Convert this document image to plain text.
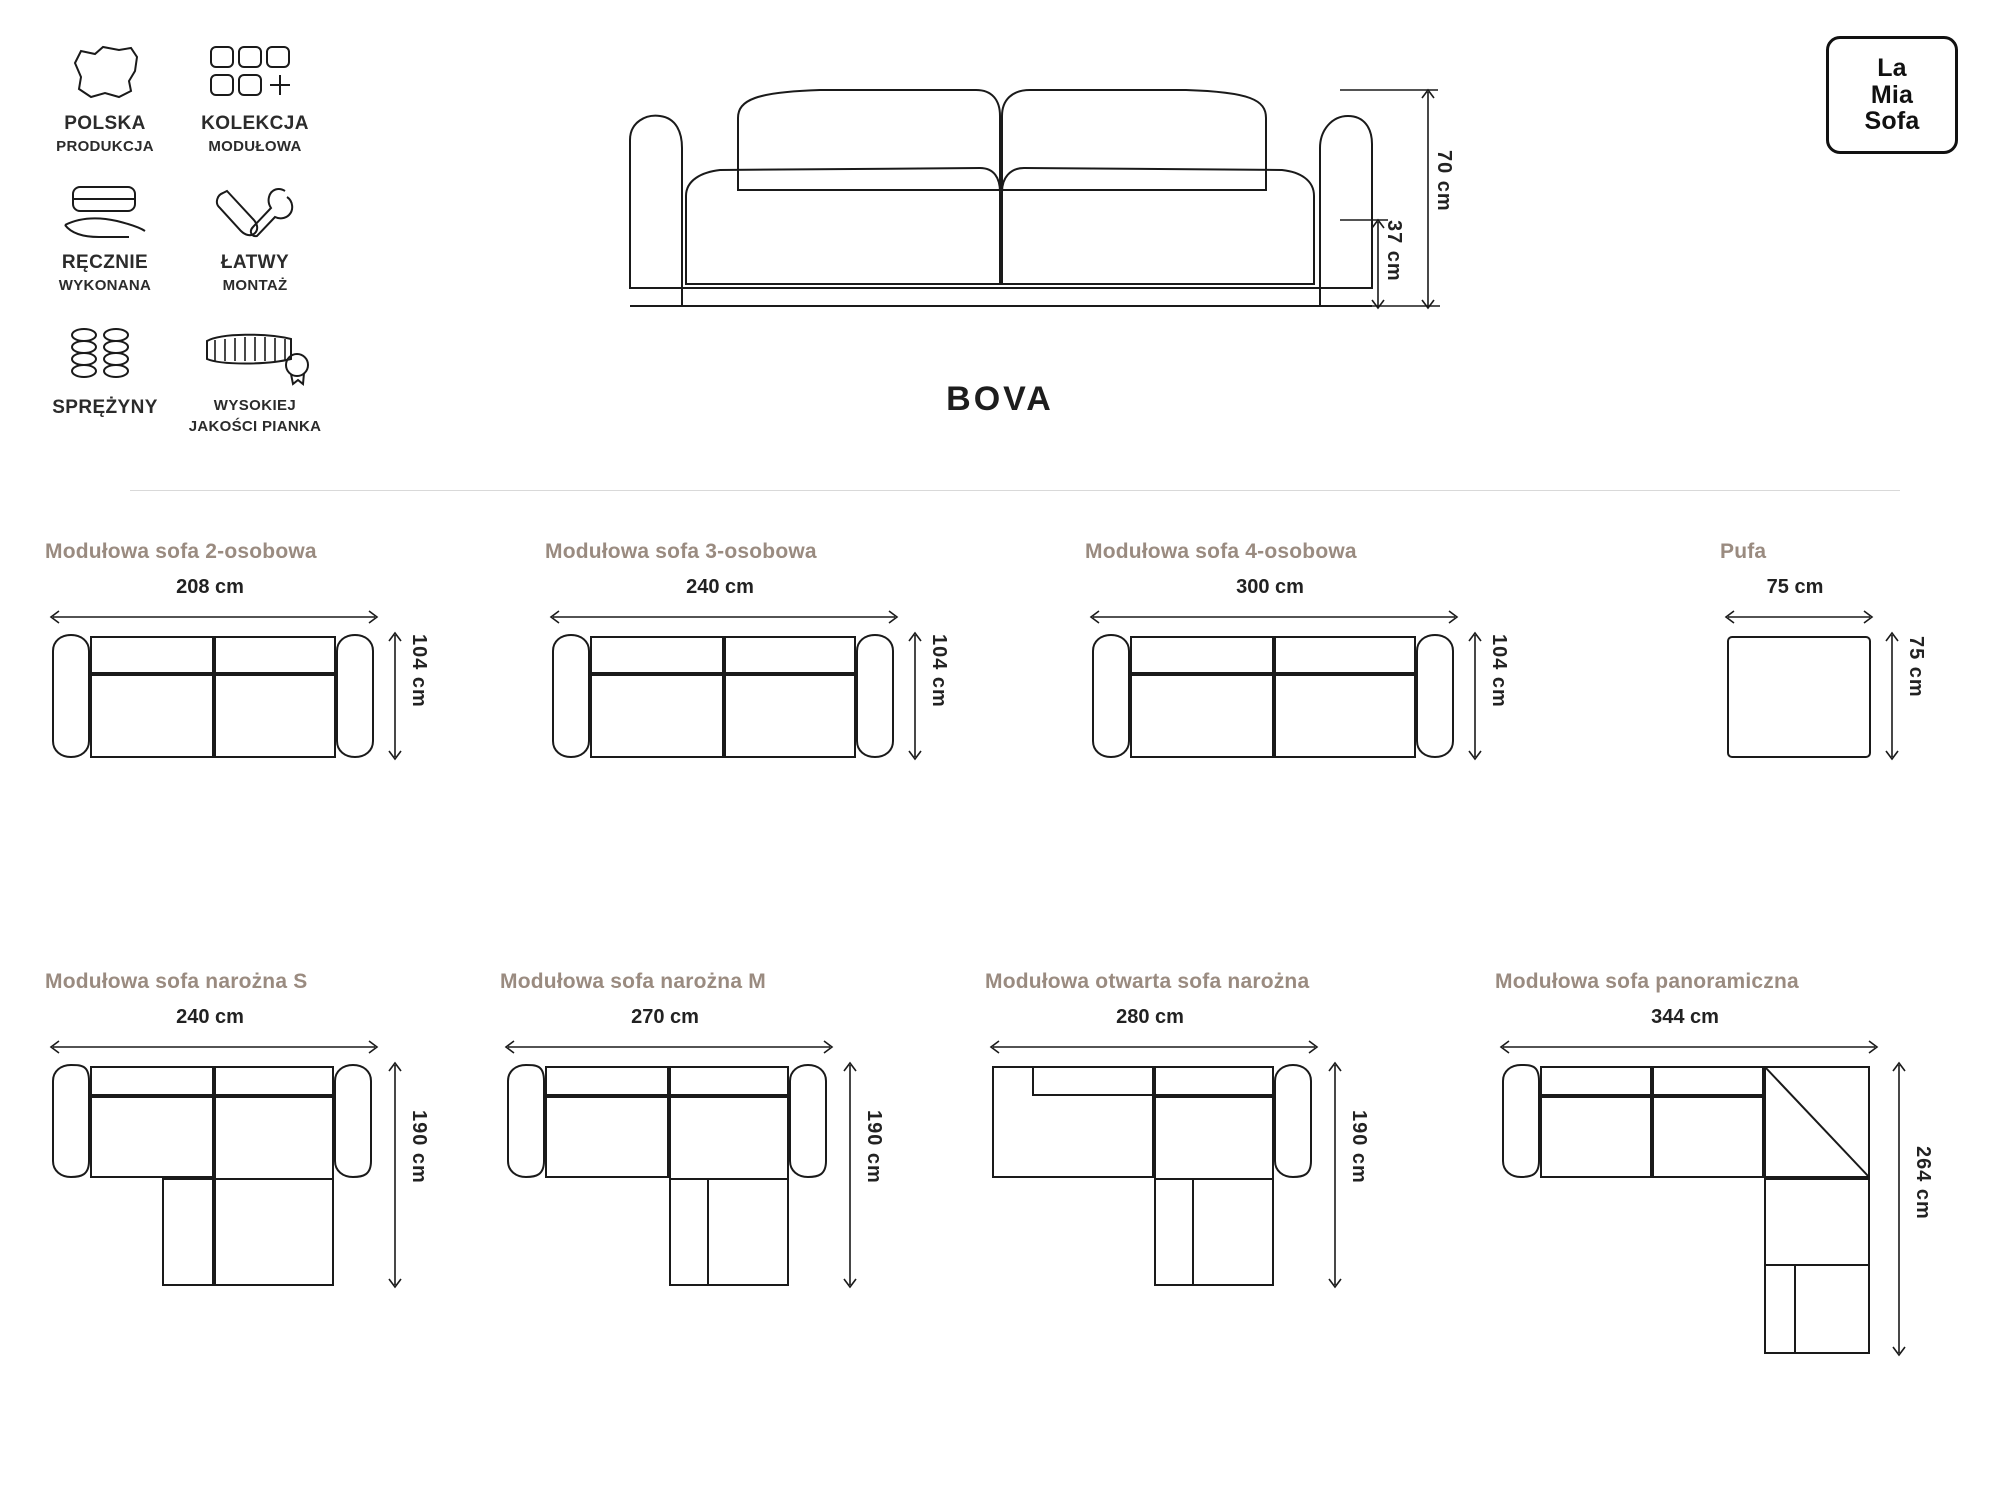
POLSKA
PRODUKCJA
KOLEKCJA
MODUŁOWA
RĘCZNIE
WYKONANA
ŁATWY
MONTAŻ
SPRĘŻYNY	WYSOKIEJ
JAKOŚCI PIANKA
La
Mia
Sofa
BOVA
70 cm
37 cm
Modułowa sofa 2-osobowa
208 cm
104 cm
Modułowa sofa 3-osobowa
240 cm
104 cm
Modułowa sofa 4-osobowa
300 cm
104 cm
Pufa
75 cm
75 cm
Modułowa sofa narożna S
240 cm
190 cm
Modułowa sofa narożna M
270 cm
190 cm
Modułowa otwarta sofa narożna
280 cm
190 cm
Modułowa sofa panoramiczna
344 cm
264 cm
